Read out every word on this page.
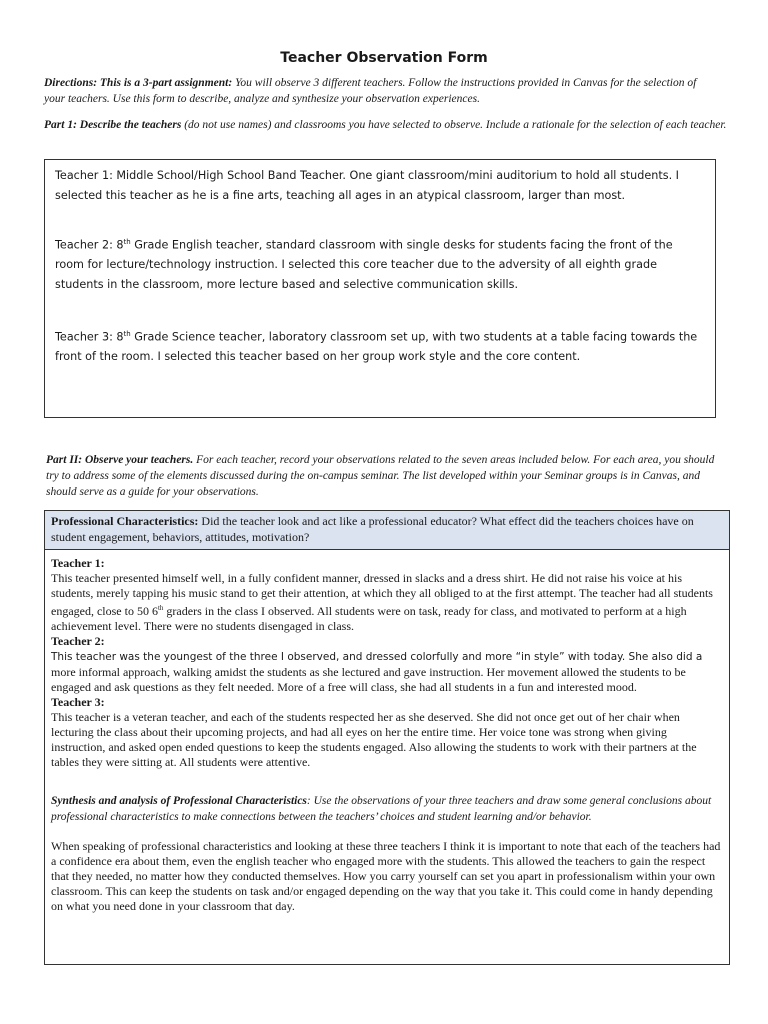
Teacher Observation Form
Directions: This is a 3-part assignment: You will observe 3 different teachers. Follow the instructions provided in Canvas for the selection of your teachers. Use this form to describe, analyze and synthesize your observation experiences.
Part 1: Describe the teachers (do not use names) and classrooms you have selected to observe. Include a rationale for the selection of each teacher.

Teacher 1: Middle School/High School Band Teacher. One giant classroom/mini auditorium to hold all students. I selected this teacher as he is a fine arts, teaching all ages in an atypical classroom, larger than most.

Teacher 2: 8th Grade English teacher, standard classroom with single desks for students facing the front of the room for lecture/technology instruction. I selected this core teacher due to the adversity of all eighth grade students in the classroom, more lecture based and selective communication skills.

Teacher 3: 8th Grade Science teacher, laboratory classroom set up, with two students at a table facing towards the front of the room. I selected this teacher based on her group work style and the core content.

Part II: Observe your teachers. For each teacher, record your observations related to the seven areas included below. For each area, you should try to address some of the elements discussed during the on-campus seminar. The list developed within your Seminar groups is in Canvas, and should serve as a guide for your observations.
Professional Characteristics: Did the teacher look and act like a professional educator? What effect did the teachers choices have on student engagement, behaviors, attitudes, motivation?

Teacher 1:

This teacher presented himself well, in a fully confident manner, dressed in slacks and a dress shirt. He did not raise his voice at his students, merely tapping his music stand to get their attention, at which they all obliged to at the first attempt. The teacher had all students engaged, close to 50 6th graders in the class I observed. All students were on task, ready for class, and motivated to perform at a high achievement level. There were no students disengaged in class.

Teacher 2:

This teacher was the youngest of the three I observed, and dressed colorfully and more “in style” with today. She also did a more informal approach, walking amidst the students as she lectured and gave instruction. Her movement allowed the students to be engaged and ask questions as they felt needed. More of a free will class, she had all students in a fun and interested mood.

Teacher 3:

This teacher is a veteran teacher, and each of the students respected her as she deserved. She did not once get out of her chair when lecturing the class about their upcoming projects, and had all eyes on her the entire time. Her voice tone was strong when giving instruction, and asked open ended questions to keep the students engaged. Also allowing the students to work with their partners at the tables they were sitting at. All students were attentive.

Synthesis and analysis of Professional Characteristics: Use the observations of your three teachers and draw some general conclusions about professional characteristics to make connections between the teachers’ choices and student learning and/or behavior.

When speaking of professional characteristics and looking at these three teachers I think it is important to note that each of the teachers had a confidence era about them, even the english teacher who engaged more with the students. This allowed the teachers to gain the respect that they needed, no matter how they conducted themselves. How you carry yourself can set you apart in professionalism within your own classroom. This can keep the students on task and/or engaged depending on the way that you take it. This could come in handy depending on what you need done in your classroom that day.
